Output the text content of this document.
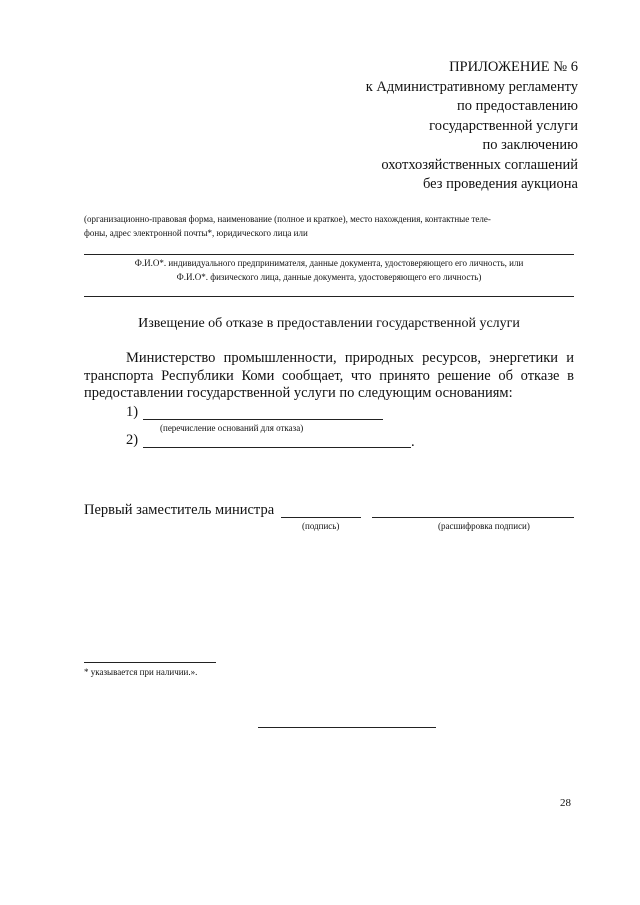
ПРИЛОЖЕНИЕ № 6
к Административному регламенту
по предоставлению
государственной услуги
по заключению
охотхозяйственных соглашений
без проведения аукциона
(организационно-правовая форма, наименование (полное и краткое), место нахождения, контактные теле-
фоны, адрес электронной почты*, юридического лица или
Ф.И.О*. индивидуального предпринимателя, данные документа, удостоверяющего его личность, или
Ф.И.О*. физического лица, данные документа, удостоверяющего его личность)
Извещение об отказе в предоставлении государственной услуги
Министерство промышленности, природных ресурсов, энергетики и транспорта Республики Коми сообщает, что принято решение об отказе в предоставлении государственной услуги по следующим основаниям:
1)
(перечисление оснований для отказа)
2)	.
Первый заместитель министра
(подпись)	(расшифровка подписи)
* указывается при наличии.».
28
